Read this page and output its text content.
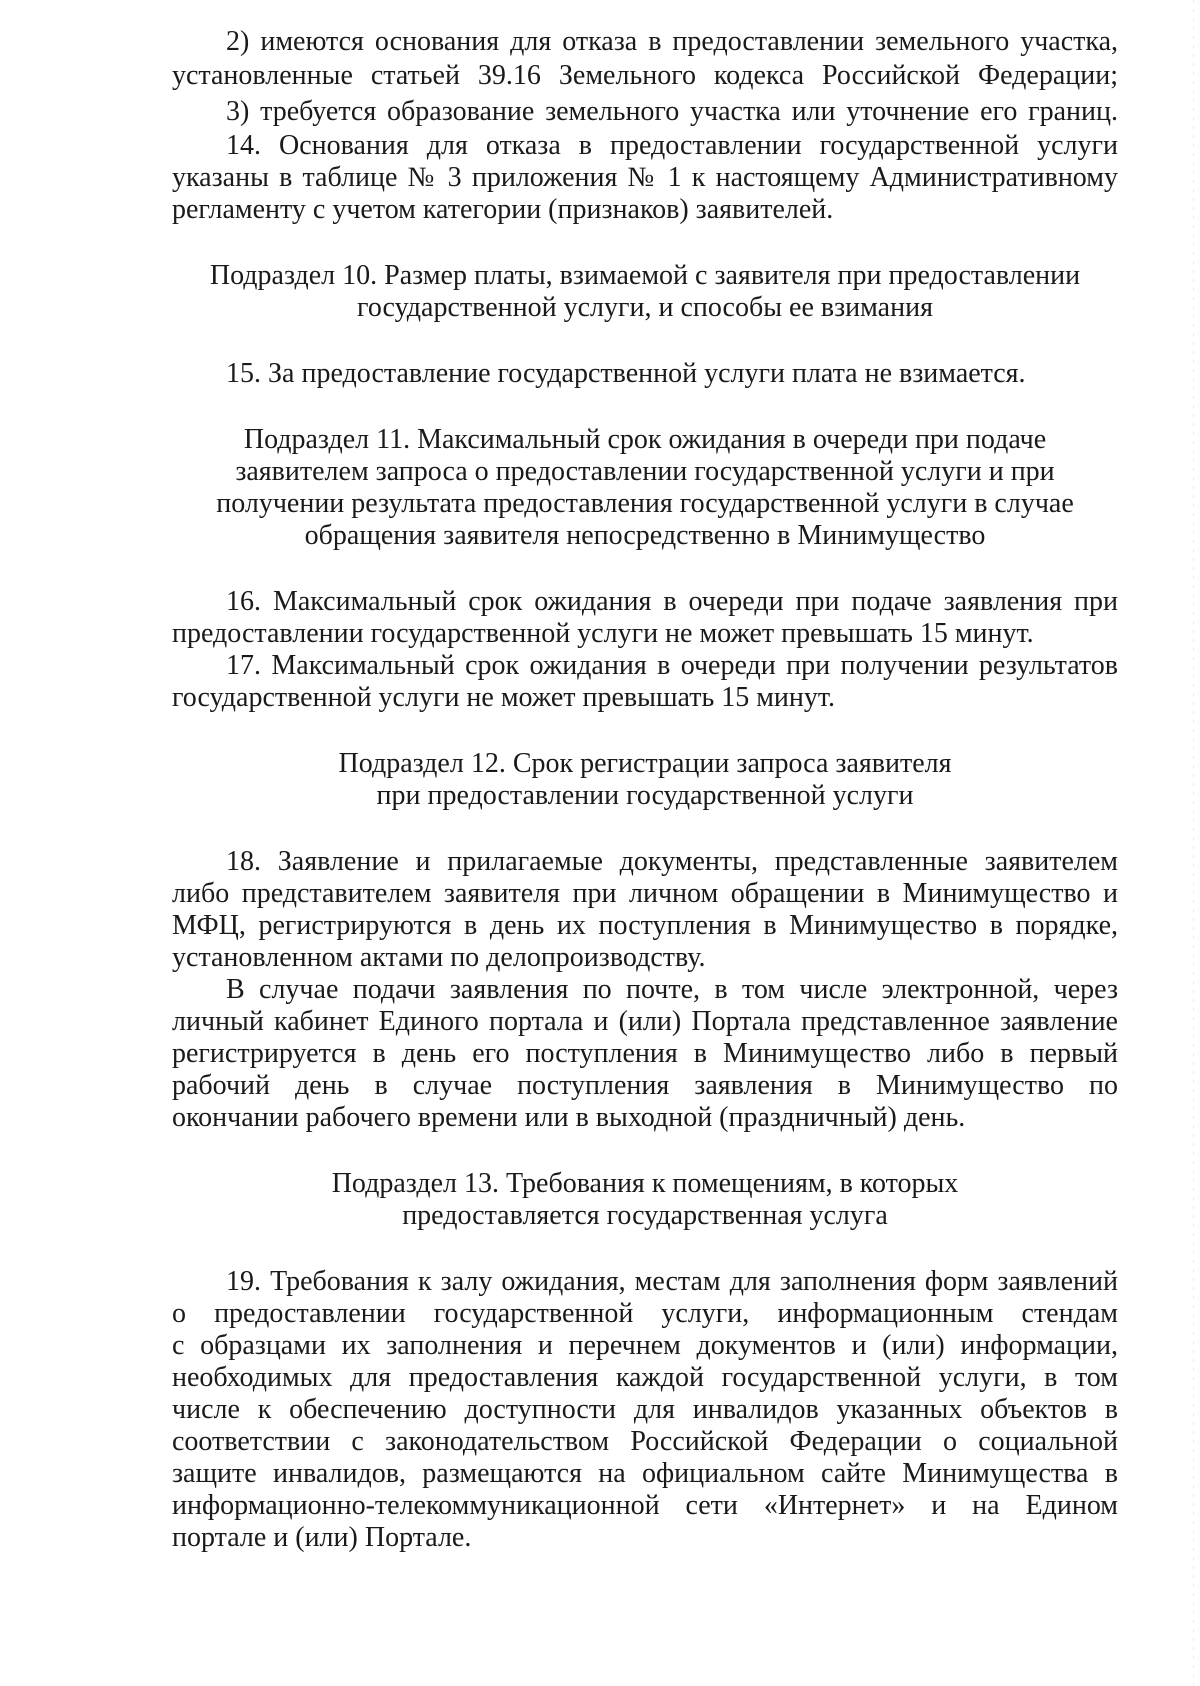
2) имеются основания для отказа в предоставлении земельного участка,

установленные статьей 39.16 Земельного кодекса Российской Федерации;

3) требуется образование земельного участка или уточнение его границ.

14. Основания для отказа в предоставлении государственной услуги

указаны в таблице № 3 приложения № 1 к настоящему Административному

регламенту с учетом категории (признаков) заявителей.

Подраздел 10. Размер платы, взимаемой с заявителя при предоставлении

государственной услуги, и способы ее взимания

15. За предоставление государственной услуги плата не взимается.

Подраздел 11. Максимальный срок ожидания в очереди при подаче

заявителем запроса о предоставлении государственной услуги и при

получении результата предоставления государственной услуги в случае

обращения заявителя непосредственно в Минимущество

16. Максимальный срок ожидания в очереди при подаче заявления при

предоставлении государственной услуги не может превышать 15 минут.

17. Максимальный срок ожидания в очереди при получении результатов

государственной услуги не может превышать 15 минут.

Подраздел 12. Срок регистрации запроса заявителя

при предоставлении государственной услуги

18. Заявление и прилагаемые документы, представленные заявителем

либо представителем заявителя при личном обращении в Минимущество и

МФЦ, регистрируются в день их поступления в Минимущество в порядке,

установленном актами по делопроизводству.

В случае подачи заявления по почте, в том числе электронной, через

личный кабинет Единого портала и (или) Портала представленное заявление

регистрируется в день его поступления в Минимущество либо в первый

рабочий день в случае поступления заявления в Минимущество по

окончании рабочего времени или в выходной (праздничный) день.

Подраздел 13. Требования к помещениям, в которых

предоставляется государственная услуга

19. Требования к залу ожидания, местам для заполнения форм заявлений

о предоставлении государственной услуги, информационным стендам

с образцами их заполнения и перечнем документов и (или) информации,

необходимых для предоставления каждой государственной услуги, в том

числе к обеспечению доступности для инвалидов указанных объектов в

соответствии с законодательством Российской Федерации о социальной

защите инвалидов, размещаются на официальном сайте Минимущества в

информационно-телекоммуникационной сети «Интернет» и на Едином

портале и (или) Портале.
